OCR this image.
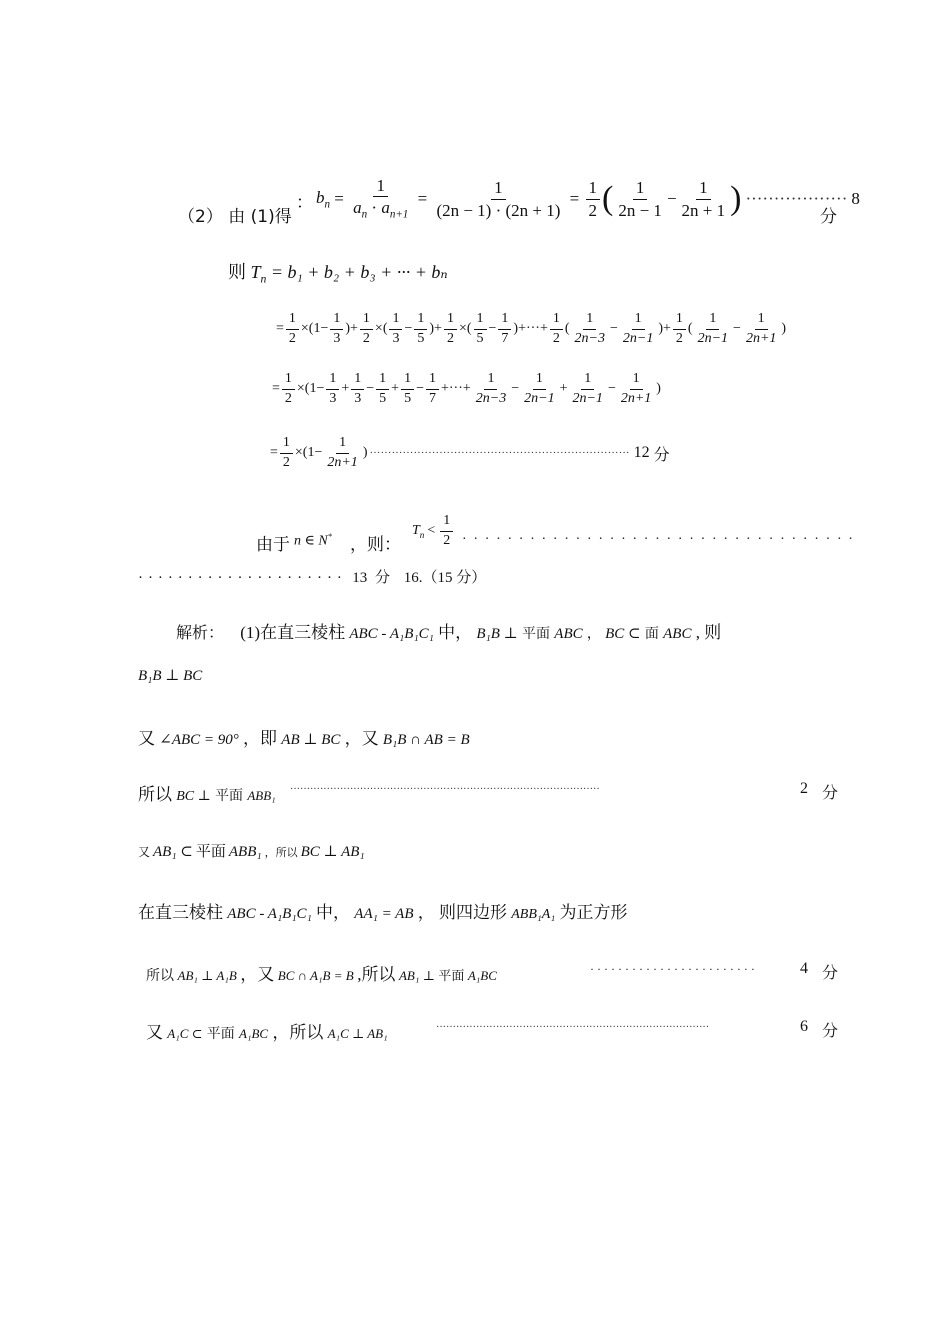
（2） 由 (1)得
： $b_n = \frac{1}{a_n \cdot a_{n+1}} = \frac{1}{(2n - 1) \cdot (2n + 1)} = \frac{1}{2}$ ( $\frac{1}{2n - 1} - \frac{1}{2n + 1}$ ) ·················· 8
分
则 $T_n = b_1 + b_2 + b_3$ + ··· + bₙ
= $\frac{1}{2} \times(1- \frac{1}{3}$ )+ $\frac{1}{2}$ ×( $\frac{1}{3} - \frac{1}{5}$ )+ $\frac{1}{2}$ ×( $\frac{1}{5} - \frac{1}{7}$ )+···+ $\frac{1}{2}$ ( $\frac{1}{2n-3} - \frac{1}{2n-1}$ )+ $\frac{1}{2}$ ( $\frac{1}{2n-1} - \frac{1}{2n+1}$ )
= $\frac{1}{2} \times(1- \frac{1}{3} + \frac{1}{3} - \frac{1}{5} + \frac{1}{5} - \frac{1}{7}$ +···+ $\frac{1}{2n-3} - \frac{1}{2n-1} + \frac{1}{2n-1} - \frac{1}{2n+1}$ )
= $\frac{1}{2} \times(1- \frac{1}{2n+1}$ ) ······································································· 12 分
由于 n ∈ N* ，则：
$T_n < \frac{1}{2}$ · · · · · · · · · · · · · · · · · · · · · · · · · · · · · · · · · · ·
· · · · · · · · · · · · · · · · · · · · · 13 分 16.（15 分）
解析： (1)在直三棱柱 ABC - A₁B₁C₁ 中， B₁B ⊥ 平面 ABC ， BC ⊂ 面 ABC , 则
B₁B ⊥ BC
又 ∠ABC = 90° ，即 AB ⊥ BC ，又 B₁B ∩ AB = B
所以 BC ⊥ 平面 ABB₁ ·····························································································	2 分
又 AB₁ ⊂ 平面 ABB₁ ，所以 BC ⊥ AB₁
在直三棱柱 ABC - A₁B₁C₁ 中， AA₁ = AB ， 则四边形 ABB₁A₁ 为正方形
所以 AB₁ ⊥ A₁B ，又 BC ∩ A₁B = B ,所以 AB₁ ⊥ 平面 A₁BC	· · · · · · · · · · · · · · · · · · · · · · · ·	4 分
又 A₁C ⊂ 平面 A₁BC ，所以 A₁C ⊥ AB₁	··················································································	6 分
